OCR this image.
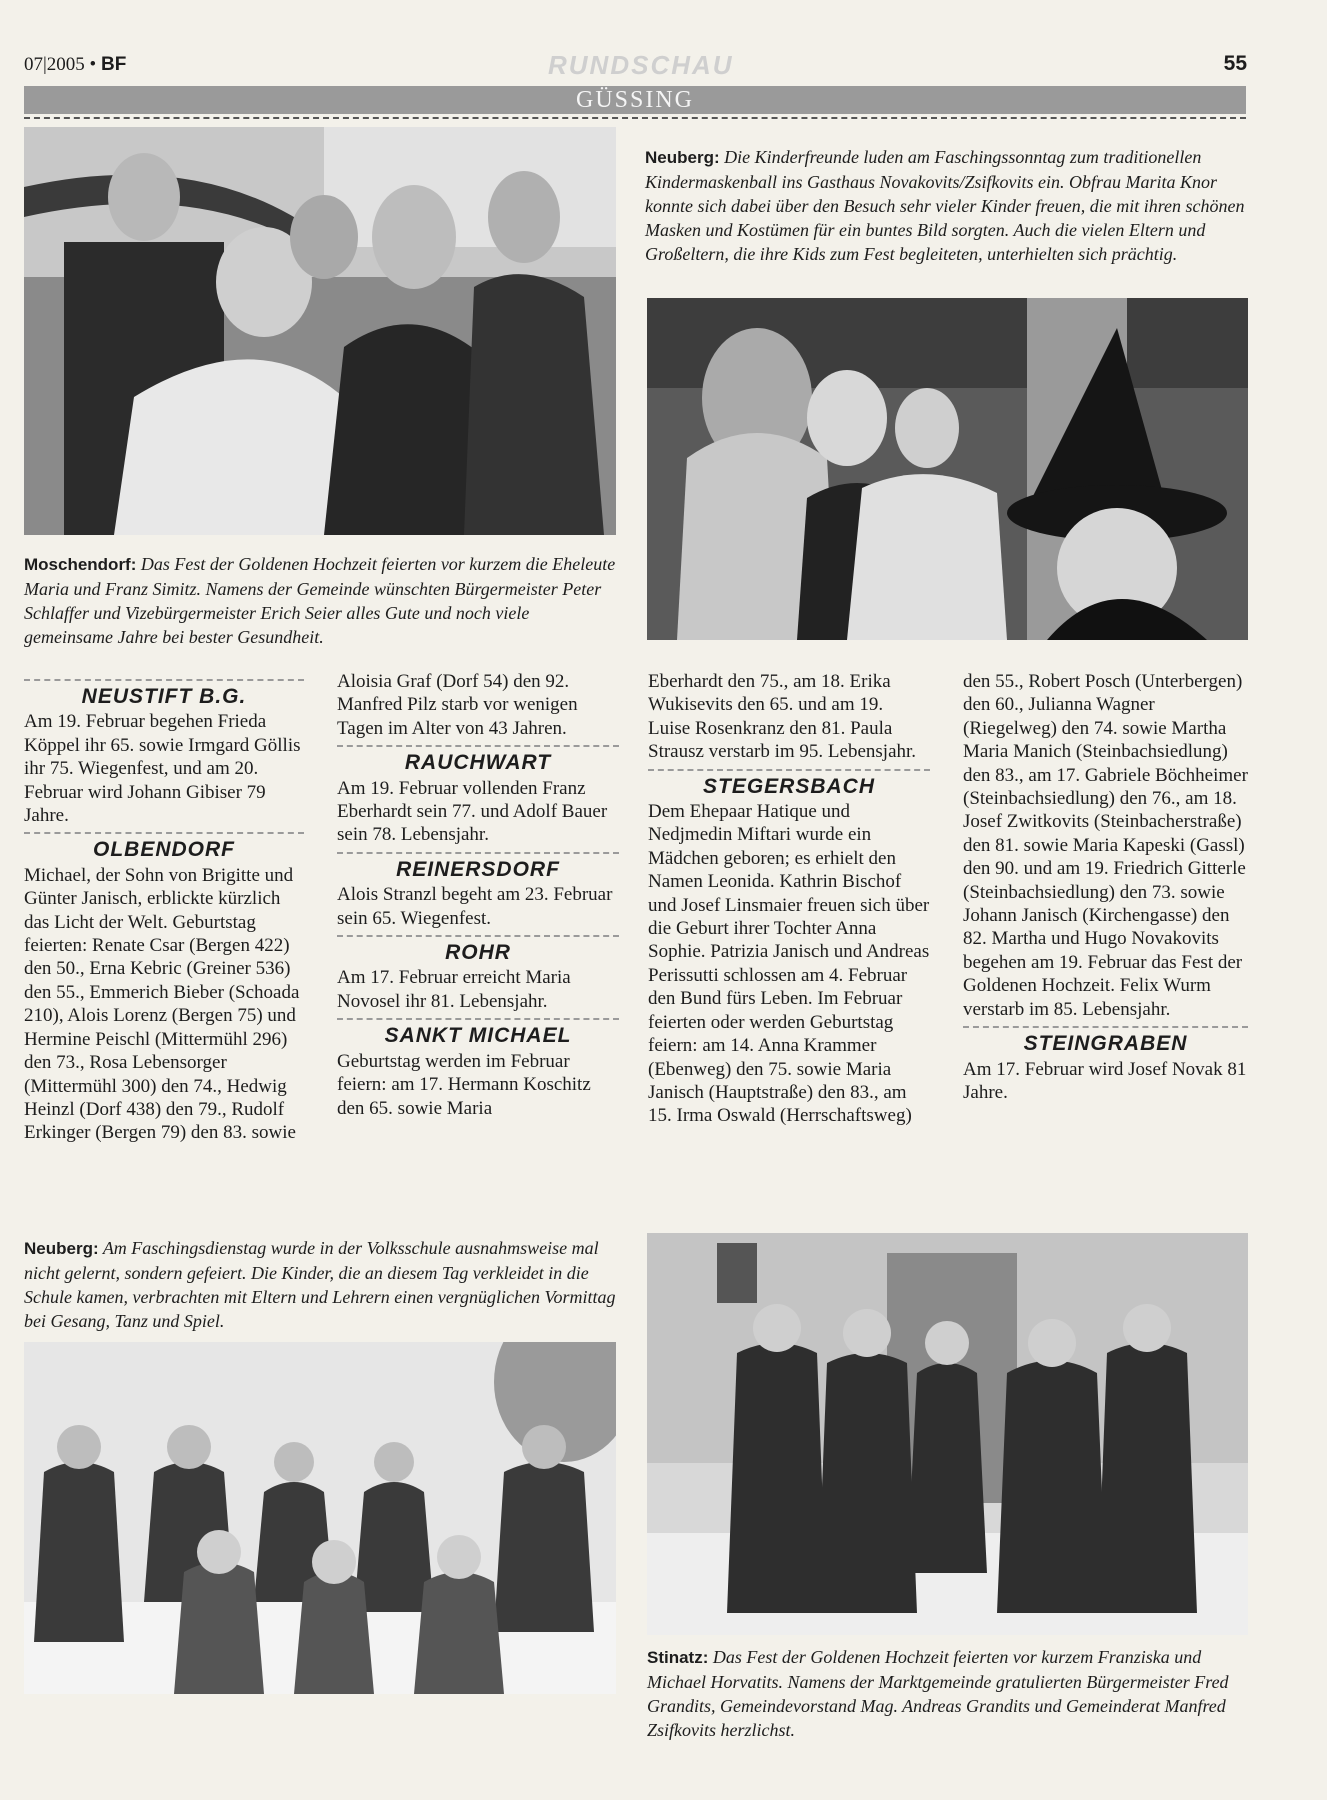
07|2005 • BF	RUNDSCHAU	55
GÜSSING
Neuberg: Die Kinderfreunde luden am Faschingssonntag zum traditionellen Kindermaskenball ins Gasthaus Novakovits/Zsifkovits ein. Obfrau Marita Knor konnte sich dabei über den Besuch sehr vieler Kinder freuen, die mit ihren schönen Masken und Kostümen für ein buntes Bild sorgten. Auch die vielen Eltern und Großeltern, die ihre Kids zum Fest begleiteten, unterhielten sich prächtig.
Moschendorf: Das Fest der Goldenen Hochzeit feierten vor kurzem die Eheleute Maria und Franz Simitz. Namens der Gemeinde wünschten Bürgermeister Peter Schlaffer und Vizebürgermeister Erich Seier alles Gute und noch viele gemeinsame Jahre bei bester Gesundheit.
NEUSTIFT B.G.
Am 19. Februar begehen Frieda Köppel ihr 65. sowie Irmgard Göllis ihr 75. Wiegenfest, und am 20. Februar wird Johann Gibiser 79 Jahre.
OLBENDORF
Michael, der Sohn von Brigitte und Günter Janisch, erblickte kürzlich das Licht der Welt. Geburtstag feierten: Renate Csar (Bergen 422) den 50., Erna Kebric (Greiner 536) den 55., Emmerich Bieber (Schoada 210), Alois Lorenz (Bergen 75) und Hermine Peischl (Mittermühl 296) den 73., Rosa Lebensorger (Mittermühl 300) den 74., Hedwig Heinzl (Dorf 438) den 79., Rudolf Erkinger (Bergen 79) den 83. sowie
Aloisia Graf (Dorf 54) den 92. Manfred Pilz starb vor wenigen Tagen im Alter von 43 Jahren.
RAUCHWART
Am 19. Februar vollenden Franz Eberhardt sein 77. und Adolf Bauer sein 78. Lebensjahr.
REINERSDORF
Alois Stranzl begeht am 23. Februar sein 65. Wiegenfest.
ROHR
Am 17. Februar erreicht Maria Novosel ihr 81. Lebensjahr.
SANKT MICHAEL
Geburtstag werden im Februar feiern: am 17. Hermann Koschitz den 65. sowie Maria
Eberhardt den 75., am 18. Erika Wukisevits den 65. und am 19. Luise Rosenkranz den 81. Paula Strausz verstarb im 95. Lebensjahr.
STEGERSBACH
Dem Ehepaar Hatique und Nedjmedin Miftari wurde ein Mädchen geboren; es erhielt den Namen Leonida. Kathrin Bischof und Josef Linsmaier freuen sich über die Geburt ihrer Tochter Anna Sophie. Patrizia Janisch und Andreas Perissutti schlossen am 4. Februar den Bund fürs Leben. Im Februar feierten oder werden Geburtstag feiern: am 14. Anna Krammer (Ebenweg) den 75. sowie Maria Janisch (Hauptstraße) den 83., am 15. Irma Oswald (Herrschaftsweg)
den 55., Robert Posch (Unterbergen) den 60., Julianna Wagner (Riegelweg) den 74. sowie Martha Maria Manich (Steinbachsiedlung) den 83., am 17. Gabriele Böchheimer (Steinbachsiedlung) den 76., am 18. Josef Zwitkovits (Steinbacherstraße) den 81. sowie Maria Kapeski (Gassl) den 90. und am 19. Friedrich Gitterle (Steinbachsiedlung) den 73. sowie Johann Janisch (Kirchengasse) den 82. Martha und Hugo Novakovits begehen am 19. Februar das Fest der Goldenen Hochzeit. Felix Wurm verstarb im 85. Lebensjahr.
STEINGRABEN
Am 17. Februar wird Josef Novak 81 Jahre.
Neuberg: Am Faschingsdienstag wurde in der Volksschule ausnahmsweise mal nicht gelernt, sondern gefeiert. Die Kinder, die an diesem Tag verkleidet in die Schule kamen, verbrachten mit Eltern und Lehrern einen vergnüglichen Vormittag bei Gesang, Tanz und Spiel.
Stinatz: Das Fest der Goldenen Hochzeit feierten vor kurzem Franziska und Michael Horvatits. Namens der Marktgemeinde gratulierten Bürgermeister Fred Grandits, Gemeindevorstand Mag. Andreas Grandits und Gemeinderat Manfred Zsifkovits herzlichst.
